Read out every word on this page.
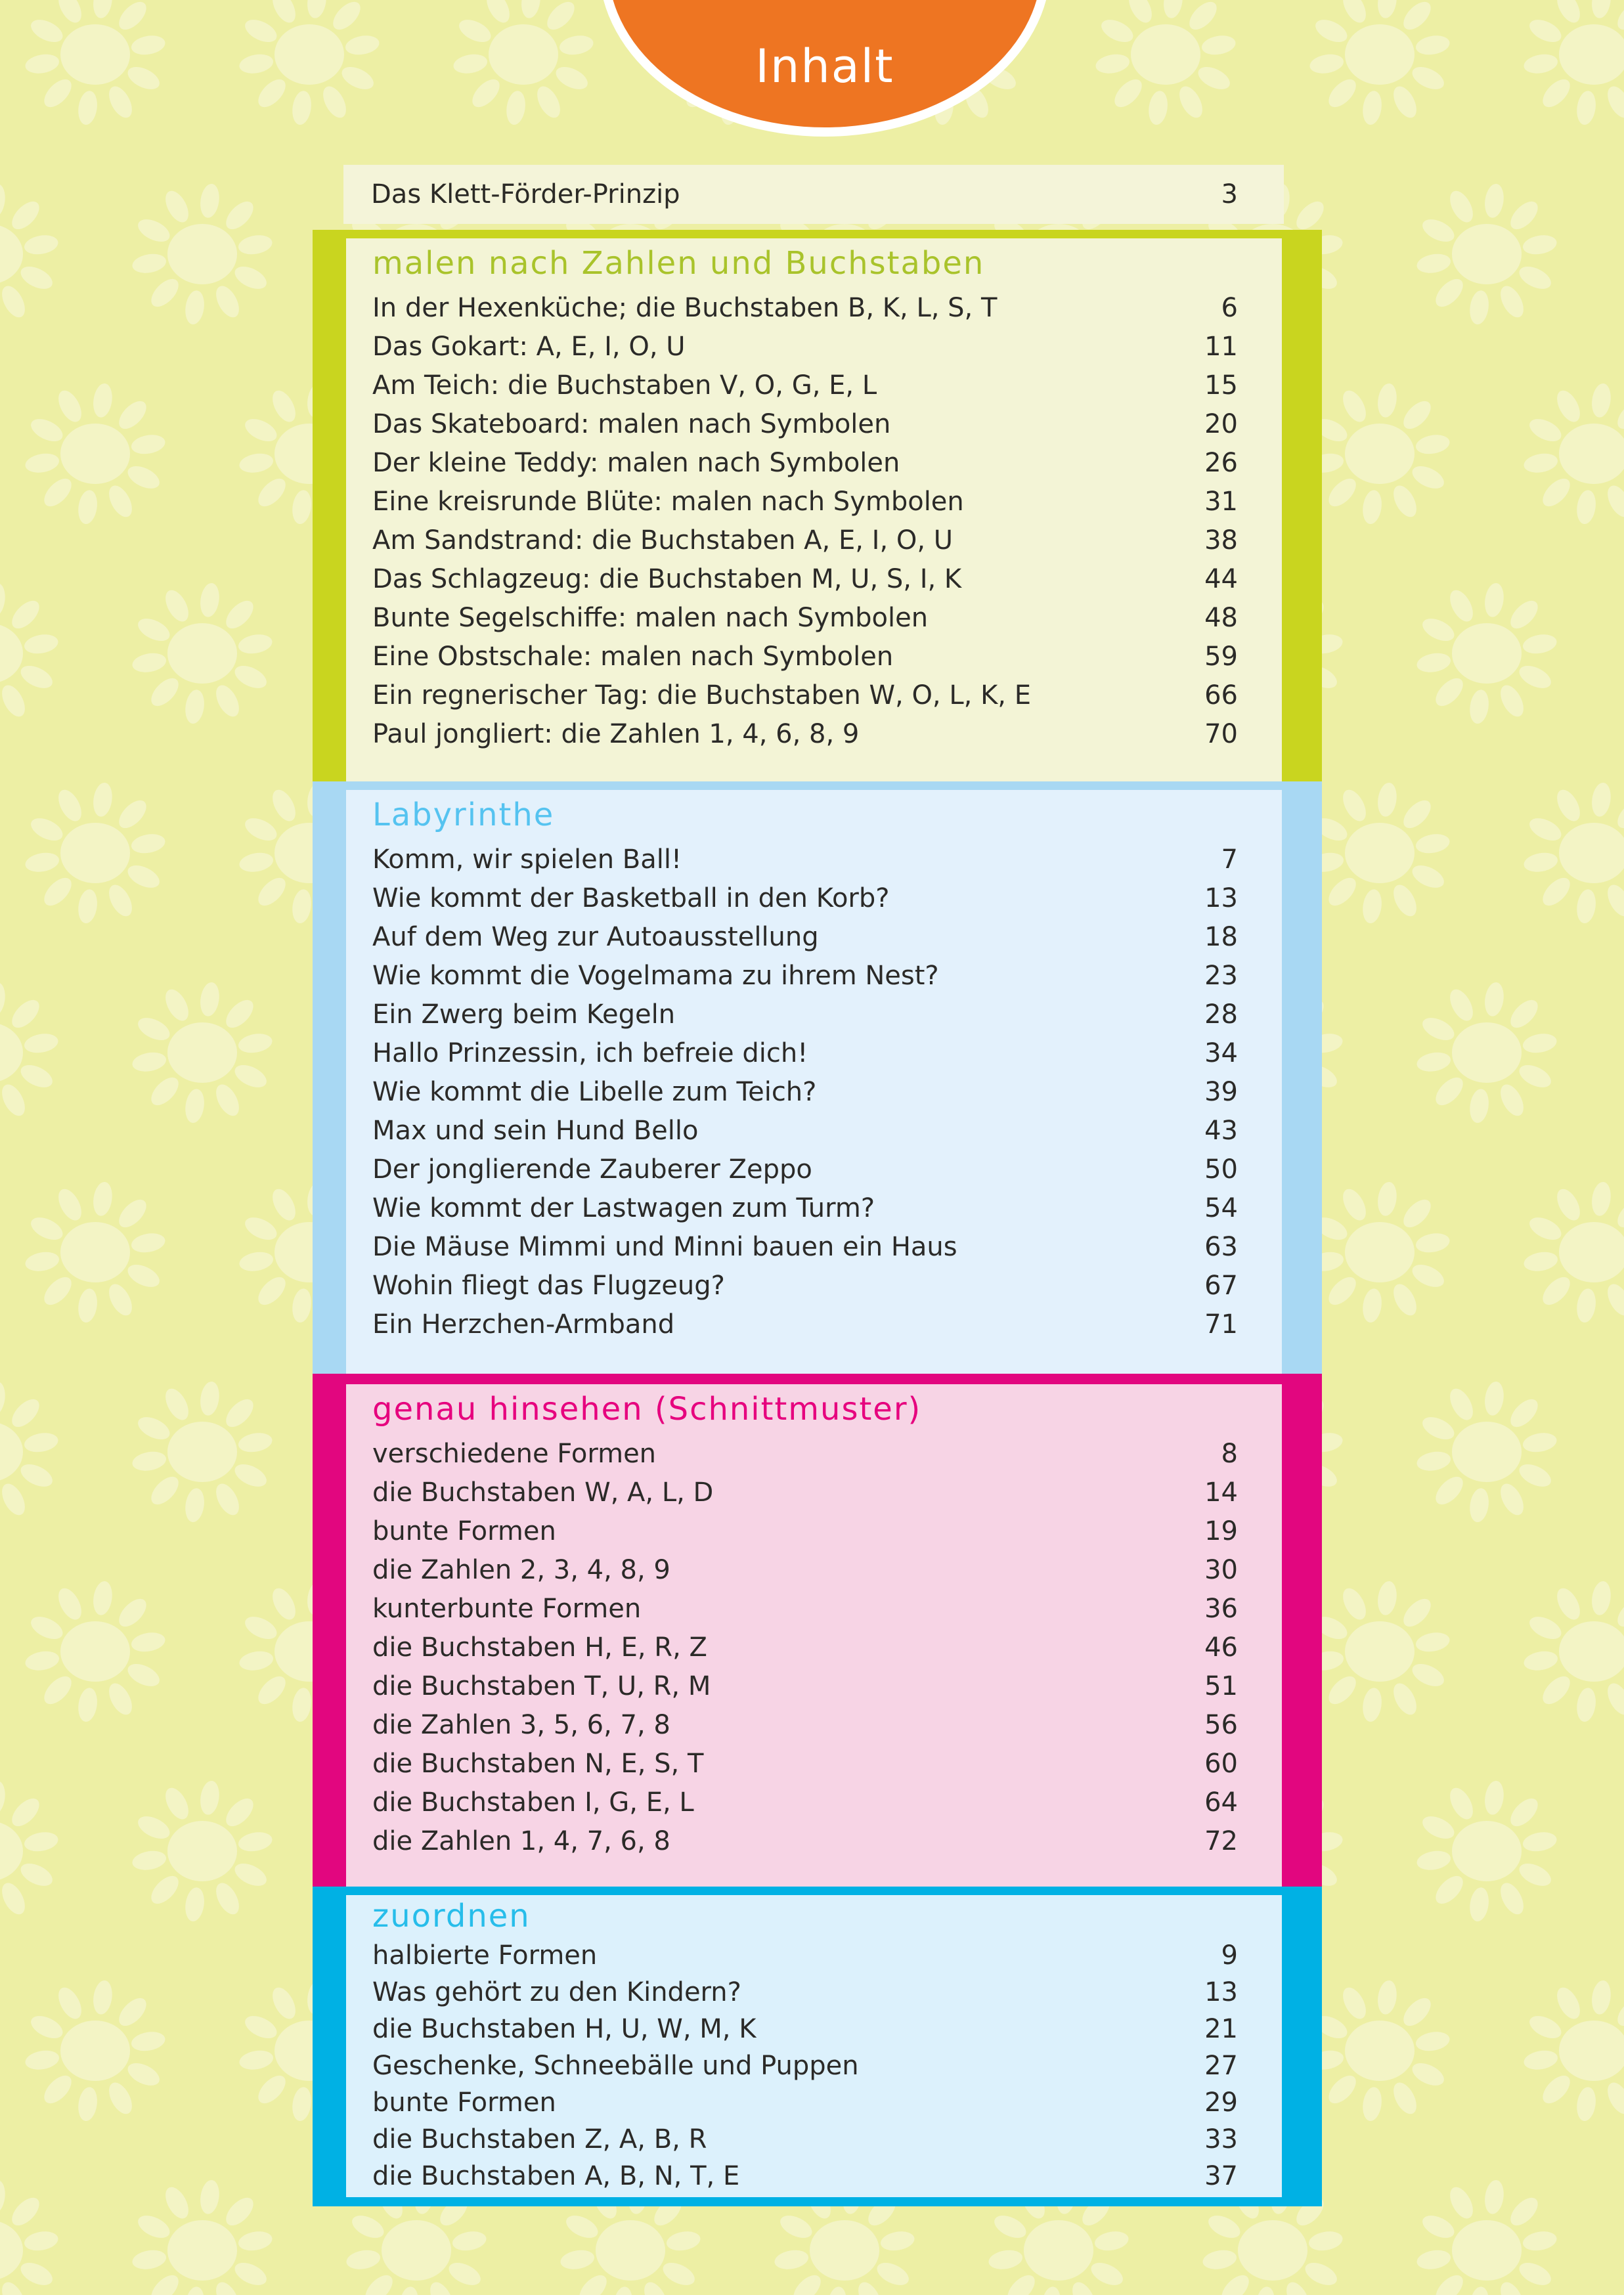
Inhalt
Das Klett-Förder-Prinzip	3
malen nach Zahlen und Buchstaben
In der Hexenküche; die Buchstaben B, K, L, S, T	6
Das Gokart: A, E, I, O, U	11
Am Teich: die Buchstaben V, O, G, E, L	15
Das Skateboard: malen nach Symbolen	20
Der kleine Teddy: malen nach Symbolen	26
Eine kreisrunde Blüte: malen nach Symbolen	31
Am Sandstrand: die Buchstaben A, E, I, O, U	38
Das Schlagzeug: die Buchstaben M, U, S, I, K	44
Bunte Segelschiffe: malen nach Symbolen	48
Eine Obstschale: malen nach Symbolen	59
Ein regnerischer Tag: die Buchstaben W, O, L, K, E	66
Paul jongliert: die Zahlen 1, 4, 6, 8, 9	70
Labyrinthe
Komm, wir spielen Ball!	7
Wie kommt der Basketball in den Korb?	13
Auf dem Weg zur Autoausstellung	18
Wie kommt die Vogelmama zu ihrem Nest?	23
Ein Zwerg beim Kegeln	28
Hallo Prinzessin, ich befreie dich!	34
Wie kommt die Libelle zum Teich?	39
Max und sein Hund Bello	43
Der jonglierende Zauberer Zeppo	50
Wie kommt der Lastwagen zum Turm?	54
Die Mäuse Mimmi und Minni bauen ein Haus	63
Wohin fliegt das Flugzeug?	67
Ein Herzchen-Armband	71
genau hinsehen (Schnittmuster)
verschiedene Formen	8
die Buchstaben W, A, L, D	14
bunte Formen	19
die Zahlen 2, 3, 4, 8, 9	30
kunterbunte Formen	36
die Buchstaben H, E, R, Z	46
die Buchstaben T, U, R, M	51
die Zahlen 3, 5, 6, 7, 8	56
die Buchstaben N, E, S, T	60
die Buchstaben I, G, E, L	64
die Zahlen 1, 4, 7, 6, 8	72
zuordnen
halbierte Formen	9
Was gehört zu den Kindern?	13
die Buchstaben H, U, W, M, K	21
Geschenke, Schneebälle und Puppen	27
bunte Formen	29
die Buchstaben Z, A, B, R	33
die Buchstaben A, B, N, T, E	37
